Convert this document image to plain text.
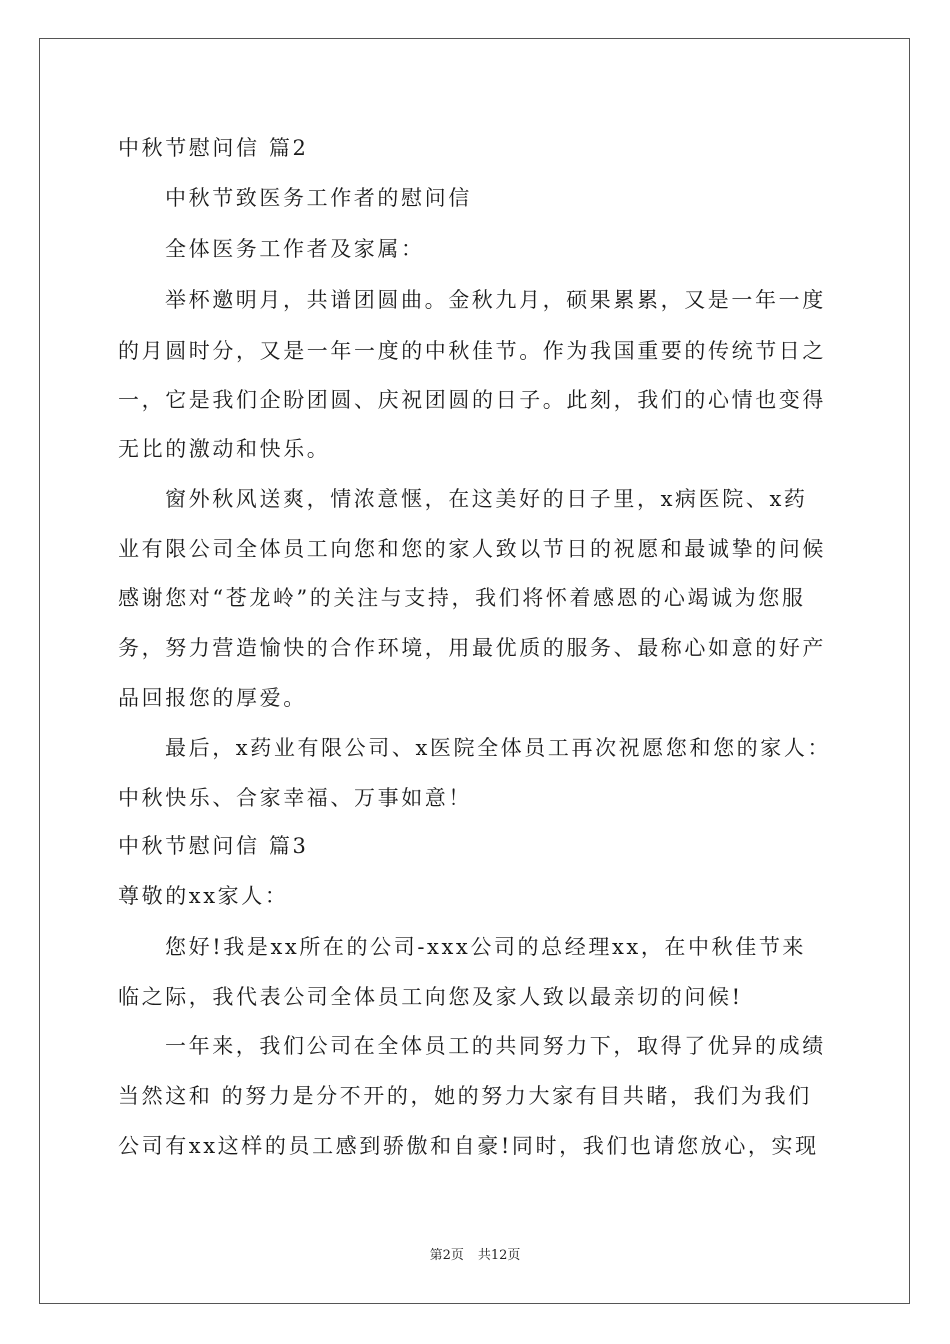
中秋节慰问信 篇2
中秋节致医务工作者的慰问信
全体医务工作者及家属：
举杯邀明月，共谱团圆曲。金秋九月，硕果累累，又是一年一度
的月圆时分，又是一年一度的中秋佳节。作为我国重要的传统节日之
一，它是我们企盼团圆、庆祝团圆的日子。此刻，我们的心情也变得
无比的激动和快乐。
窗外秋风送爽，情浓意惬，在这美好的日子里，x病医院、x药
业有限公司全体员工向您和您的家人致以节日的祝愿和最诚挚的问候
感谢您对“苍龙岭”的关注与支持，我们将怀着感恩的心竭诚为您服
务，努力营造愉快的合作环境，用最优质的服务、最称心如意的好产
品回报您的厚爱。
最后，x药业有限公司、x医院全体员工再次祝愿您和您的家人：
中秋快乐、合家幸福、万事如意！
中秋节慰问信 篇3
尊敬的xx家人：
您好!我是xx所在的公司-xxx公司的总经理xx，在中秋佳节来
临之际，我代表公司全体员工向您及家人致以最亲切的问候!
一年来，我们公司在全体员工的共同努力下，取得了优异的成绩
当然这和 的努力是分不开的，她的努力大家有目共睹，我们为我们
公司有xx这样的员工感到骄傲和自豪!同时，我们也请您放心，实现
第2页 共12页
